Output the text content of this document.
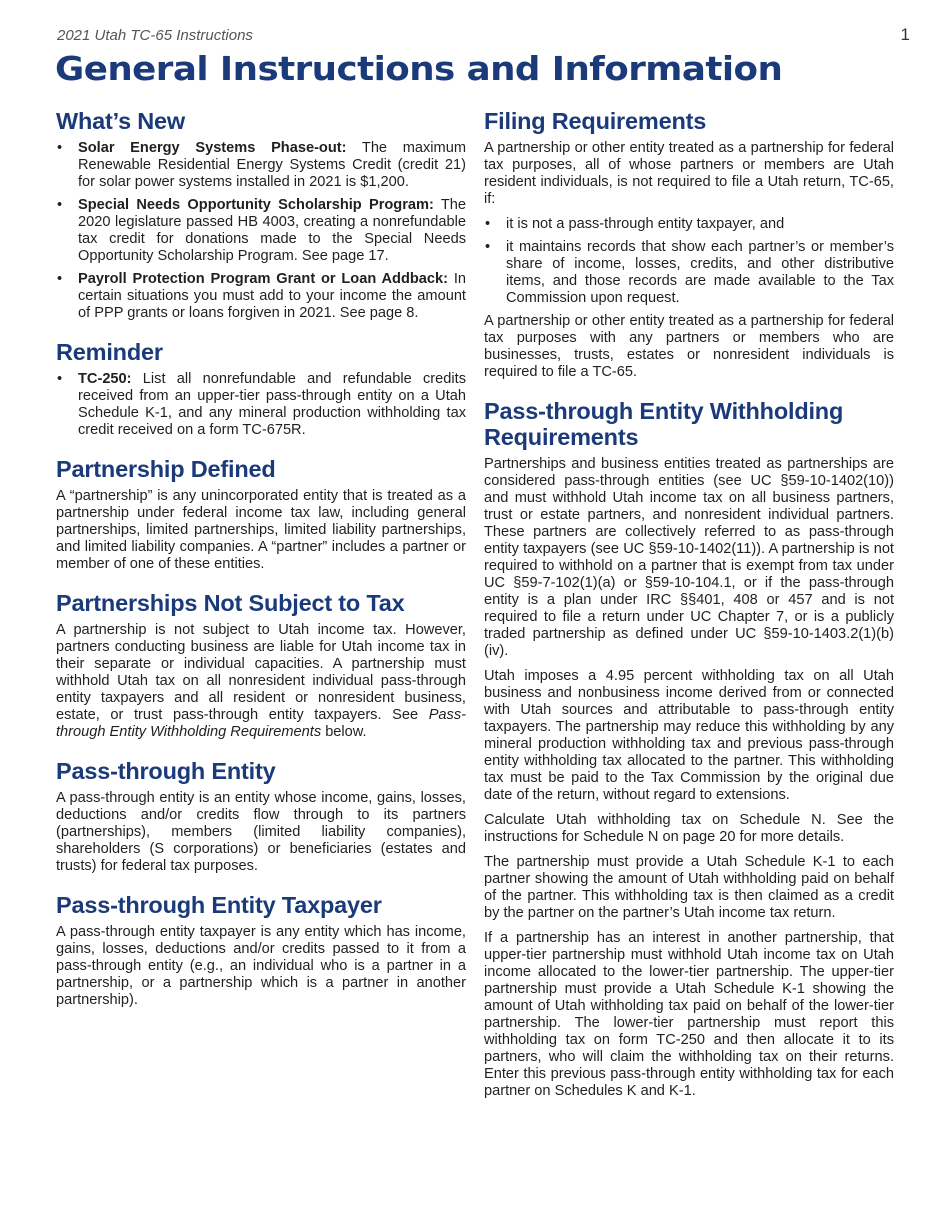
2021 Utah TC-65 Instructions	1
General Instructions and Information
What’s New
• Solar Energy Systems Phase-out: The maximum Renewable Residential Energy Systems Credit (credit 21) for solar power systems installed in 2021 is $1,200.
• Special Needs Opportunity Scholarship Program: The 2020 legislature passed HB 4003, creating a nonrefundable tax credit for donations made to the Special Needs Opportunity Scholarship Program. See page 17.
• Payroll Protection Program Grant or Loan Addback: In certain situations you must add to your income the amount of PPP grants or loans forgiven in 2021. See page 8.
Reminder
• TC-250: List all nonrefundable and refundable credits received from an upper-tier pass-through entity on a Utah Schedule K-1, and any mineral production withholding tax credit received on a form TC-675R.
Partnership Defined

A “partnership” is any unincorporated entity that is treated as a partnership under federal income tax law, including general partnerships, limited partnerships, limited liability partnerships, and limited liability companies. A “partner” includes a partner or member of one of these entities.

Partnerships Not Subject to Tax

A partnership is not subject to Utah income tax. However, partners conducting business are liable for Utah income tax in their separate or individual capacities. A partnership must withhold Utah tax on all nonresident individual pass-through entity taxpayers and all resident or nonresident business, estate, or trust pass-through entity taxpayers. See Pass-through Entity Withholding Requirements below.

Pass-through Entity

A pass-through entity is an entity whose income, gains, losses, deductions and/or credits flow through to its partners (partnerships), members (limited liability companies), shareholders (S corporations) or beneficiaries (estates and trusts) for federal tax purposes.

Pass-through Entity Taxpayer

A pass-through entity taxpayer is any entity which has income, gains, losses, deductions and/or credits passed to it from a pass-through entity (e.g., an individual who is a partner in a partnership, or a partnership which is a partner in another partnership).

Filing Requirements

A partnership or other entity treated as a partnership for federal tax purposes, all of whose partners or members are Utah resident individuals, is not required to file a Utah return, TC-65, if:

• it is not a pass-through entity taxpayer, and
• it maintains records that show each partner’s or member’s share of income, losses, credits, and other distributive items, and those records are made available to the Tax Commission upon request.

A partnership or other entity treated as a partnership for federal tax purposes with any partners or members who are businesses, trusts, estates or nonresident individuals is required to file a TC-65.

Pass-through Entity Withholding Requirements

Partnerships and business entities treated as partnerships are considered pass-through entities (see UC §59-10-1402(10)) and must withhold Utah income tax on all business partners, trust or estate partners, and nonresident individual partners. These partners are collectively referred to as pass-through entity taxpayers (see UC §59-10-1402(11)). A partnership is not required to withhold on a partner that is exempt from tax under UC §59-7-102(1)(a) or §59-10-104.1, or if the pass-through entity is a plan under IRC §§401, 408 or 457 and is not required to file a return under UC Chapter 7, or is a publicly traded partnership as defined under UC §59-10-1403.2(1)(b)(iv).

Utah imposes a 4.95 percent withholding tax on all Utah business and nonbusiness income derived from or connected with Utah sources and attributable to pass-through entity taxpayers. The partnership may reduce this withholding by any mineral production withholding tax and previous pass-through entity withholding tax allocated to the partner. This withholding tax must be paid to the Tax Commission by the original due date of the return, without regard to extensions.

Calculate Utah withholding tax on Schedule N. See the instructions for Schedule N on page 20 for more details.

The partnership must provide a Utah Schedule K-1 to each partner showing the amount of Utah withholding paid on behalf of the partner. This withholding tax is then claimed as a credit by the partner on the partner’s Utah income tax return.

If a partnership has an interest in another partnership, that upper-tier partnership must withhold Utah income tax on Utah income allocated to the lower-tier partnership. The upper-tier partnership must provide a Utah Schedule K-1 showing the amount of Utah withholding tax paid on behalf of the lower-tier partnership. The lower-tier partnership must report this withholding tax on form TC-250 and then allocate it to its partners, who will claim the withholding tax on their returns. Enter this previous pass-through entity withholding tax for each partner on Schedules K and K-1.
